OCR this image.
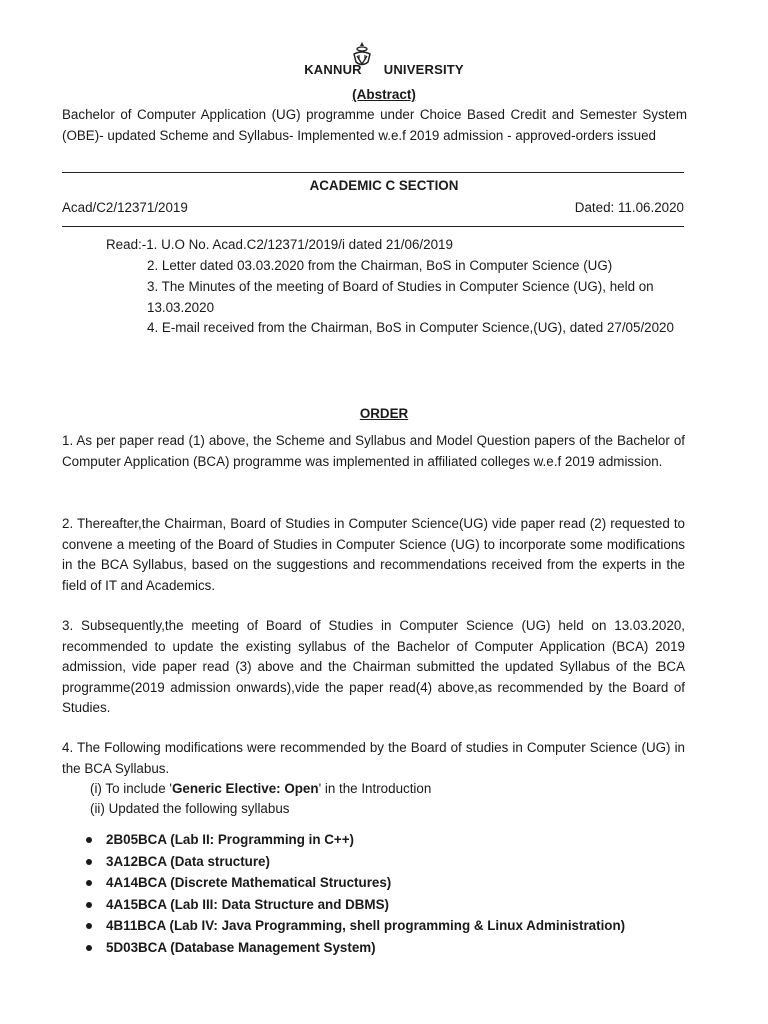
KANNUR UNIVERSITY
(Abstract)
Bachelor of Computer Application (UG) programme under Choice Based Credit and Semester System (OBE)- updated Scheme and Syllabus- Implemented w.e.f 2019 admission - approved-orders issued
ACADEMIC C SECTION
Acad/C2/12371/2019	Dated: 11.06.2020
Read:-1. U.O No. Acad.C2/12371/2019/i dated 21/06/2019
2. Letter dated 03.03.2020 from the Chairman, BoS in Computer Science (UG)
3. The Minutes of the meeting of Board of Studies in Computer Science (UG), held on 13.03.2020
4. E-mail received from the Chairman, BoS in Computer Science,(UG), dated 27/05/2020
ORDER
1. As per paper read (1) above, the Scheme and Syllabus and Model Question papers of the Bachelor of Computer Application (BCA) programme was implemented in affiliated colleges w.e.f 2019 admission.
2. Thereafter,the Chairman, Board of Studies in Computer Science(UG) vide paper read (2) requested to convene a meeting of the Board of Studies in Computer Science (UG) to incorporate some modifications in the BCA Syllabus, based on the suggestions and recommendations received from the experts in the field of IT and Academics.
3. Subsequently,the meeting of Board of Studies in Computer Science (UG) held on 13.03.2020, recommended to update the existing syllabus of the Bachelor of Computer Application (BCA) 2019 admission, vide paper read (3) above and the Chairman submitted the updated Syllabus of the BCA programme(2019 admission onwards),vide the paper read(4) above,as recommended by the Board of Studies.
4. The Following modifications were recommended by the Board of studies in Computer Science (UG) in the BCA Syllabus.
(i) To include 'Generic Elective: Open' in the Introduction
(ii) Updated the following syllabus
2B05BCA (Lab II: Programming in C++)
3A12BCA (Data structure)
4A14BCA (Discrete Mathematical Structures)
4A15BCA (Lab III: Data Structure and DBMS)
4B11BCA (Lab IV: Java Programming, shell programming & Linux Administration)
5D03BCA (Database Management System)
